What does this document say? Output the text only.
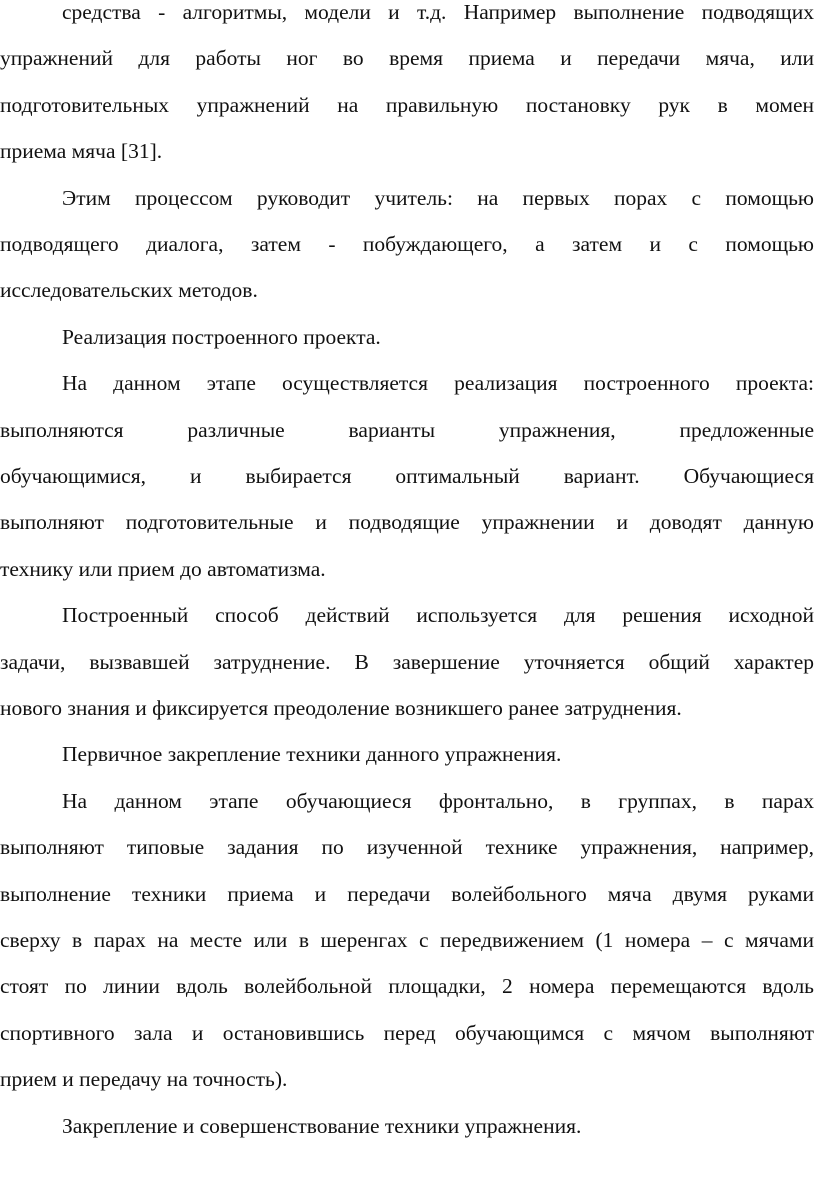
средства - алгоритмы, модели и т.д. Например выполнение подводящих
упражнений для работы ног во время приема и передачи мяча, или
подготовительных упражнений на правильную постановку рук в момен
приема мяча [31].
Этим процессом руководит учитель: на первых порах с помощью
подводящего диалога, затем - побуждающего, а затем и с помощью
исследовательских методов.
Реализация построенного проекта.
На данном этапе осуществляется реализация построенного проекта:
выполняются различные варианты упражнения, предложенные
обучающимися, и выбирается оптимальный вариант. Обучающиеся
выполняют подготовительные и подводящие упражнении и доводят данную
технику или прием до автоматизма.
Построенный способ действий используется для решения исходной
задачи, вызвавшей затруднение. В завершение уточняется общий характер
нового знания и фиксируется преодоление возникшего ранее затруднения.
Первичное закрепление техники данного упражнения.
На данном этапе обучающиеся фронтально, в группах, в парах
выполняют типовые задания по изученной технике упражнения, например,
выполнение техники приема и передачи волейбольного мяча двумя руками
сверху в парах на месте или в шеренгах с передвижением (1 номера – с мячами
стоят по линии вдоль волейбольной площадки, 2 номера перемещаются вдоль
спортивного зала и остановившись перед обучающимся с мячом выполняют
прием и передачу на точность).
Закрепление и совершенствование техники упражнения.
